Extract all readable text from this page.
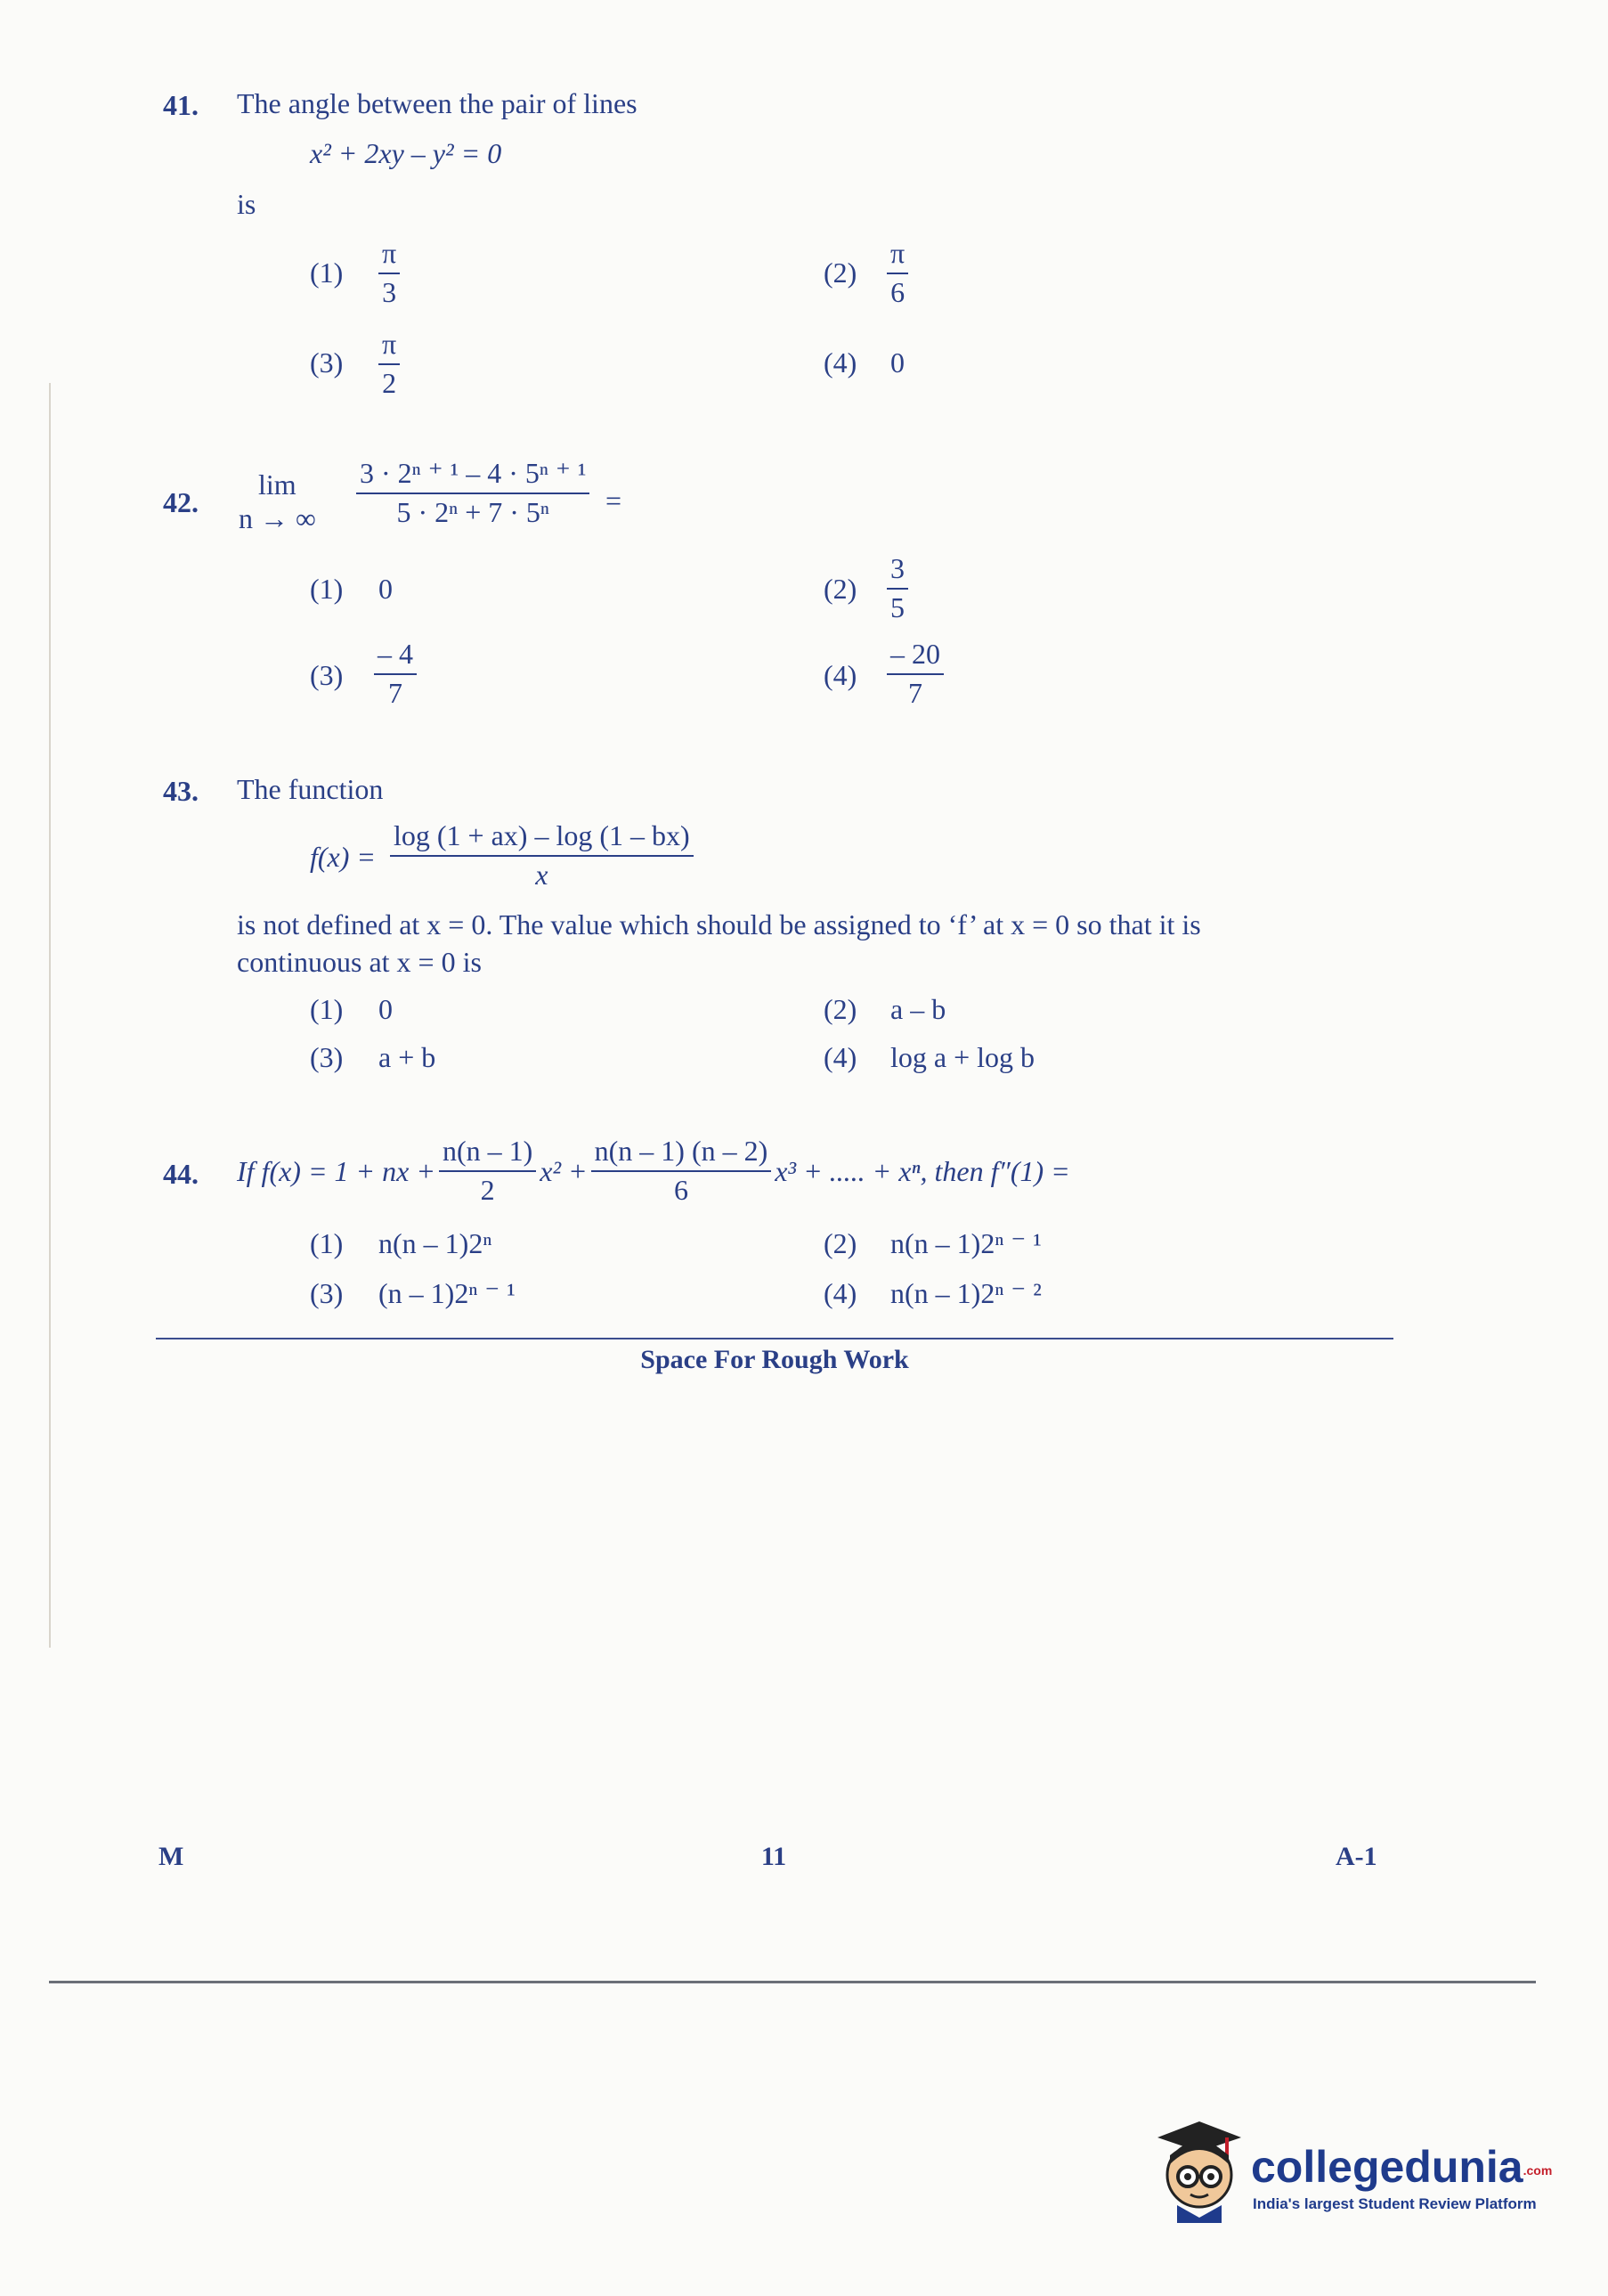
41. The angle between the pair of lines
x² + 2xy – y² = 0
is
$(1) \frac{\pi}{3}$	$(2) \frac{\pi}{6}$
$(3) \frac{\pi}{2}$	(4) 0
lim
42. n → ∞ $\frac{\text{3 · 2ⁿ ⁺ ¹ – 4 · 5ⁿ ⁺ ¹}}{\text{5 · 2ⁿ + 7 · 5ⁿ}}$ =
(1) 0	$(2) \frac{3}{5}$
$(3) \frac{- 4}{7}$	$(4) \frac{- 20}{7}$
43. The function
$f(x) = \frac{\log (1 + ax) - \log (1 - bx)}{x}$
is not defined at x = 0. The value which should be assigned to ‘f’ at x = 0 so that it is
continuous at x = 0 is
(1) 0	(2) a – b
(3) a + b	(4) log a + log b
44. If f(x) = 1 + nx + $\frac{n(n - 1)}{2} x^2 + \frac{n(n - 1) (n - 2)}{6} x^3$ + ..... + xⁿ, then f″(1) =
(1) n(n – 1)2ⁿ	(2) n(n – 1)2ⁿ ⁻ ¹
(3) (n – 1)2ⁿ ⁻ ¹	(4) n(n – 1)2ⁿ ⁻ ²
Space For Rough Work
M	11	A-1
collegedunia.com
India's largest Student Review Platform
